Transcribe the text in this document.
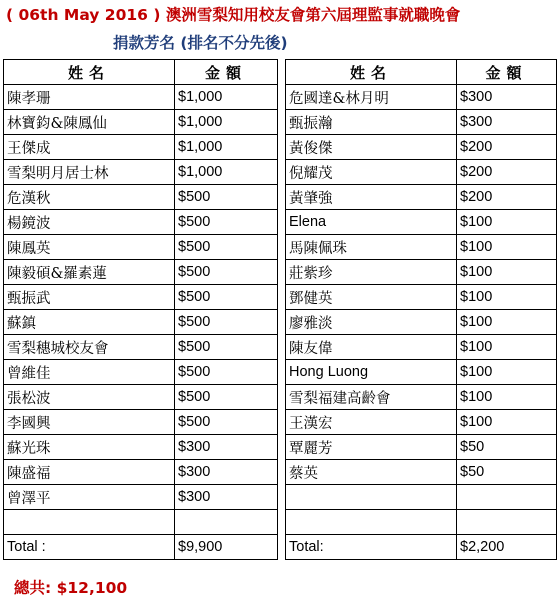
( 06th May 2016 ) 澳洲雪梨知用校友會第六屆理監事就職晚會
捐款芳名 (排名不分先後)
姓名	金額
陳孝珊	$1,000
林寶鈞&陳鳳仙	$1,000
王傑成	$1,000
雪梨明月居士林	$1,000
危漢秋	$500
楊鏡波	$500
陳鳳英	$500
陳毅碩&羅素蓮	$500
甄振武	$500
蘇鎮	$500
雪梨穗城校友會	$500
曾維佳	$500
張松波	$500
李國興	$500
蘇光珠	$300
陳盛福	$300
曾澤平	$300

Total :	$9,900
姓名	金額
危國達&林月明	$300
甄振瀚	$300
黃俊傑	$200
倪耀茂	$200
黃肇強	$200
Elena	$100
馬陳佩珠	$100
莊紫珍	$100
鄧健英	$100
廖雅淡	$100
陳友偉	$100
Hong Luong	$100
雪梨福建高齡會	$100
王漢宏	$100
覃麗芳	$50
蔡英	$50

Total:	$2,200
總共: $12,100
